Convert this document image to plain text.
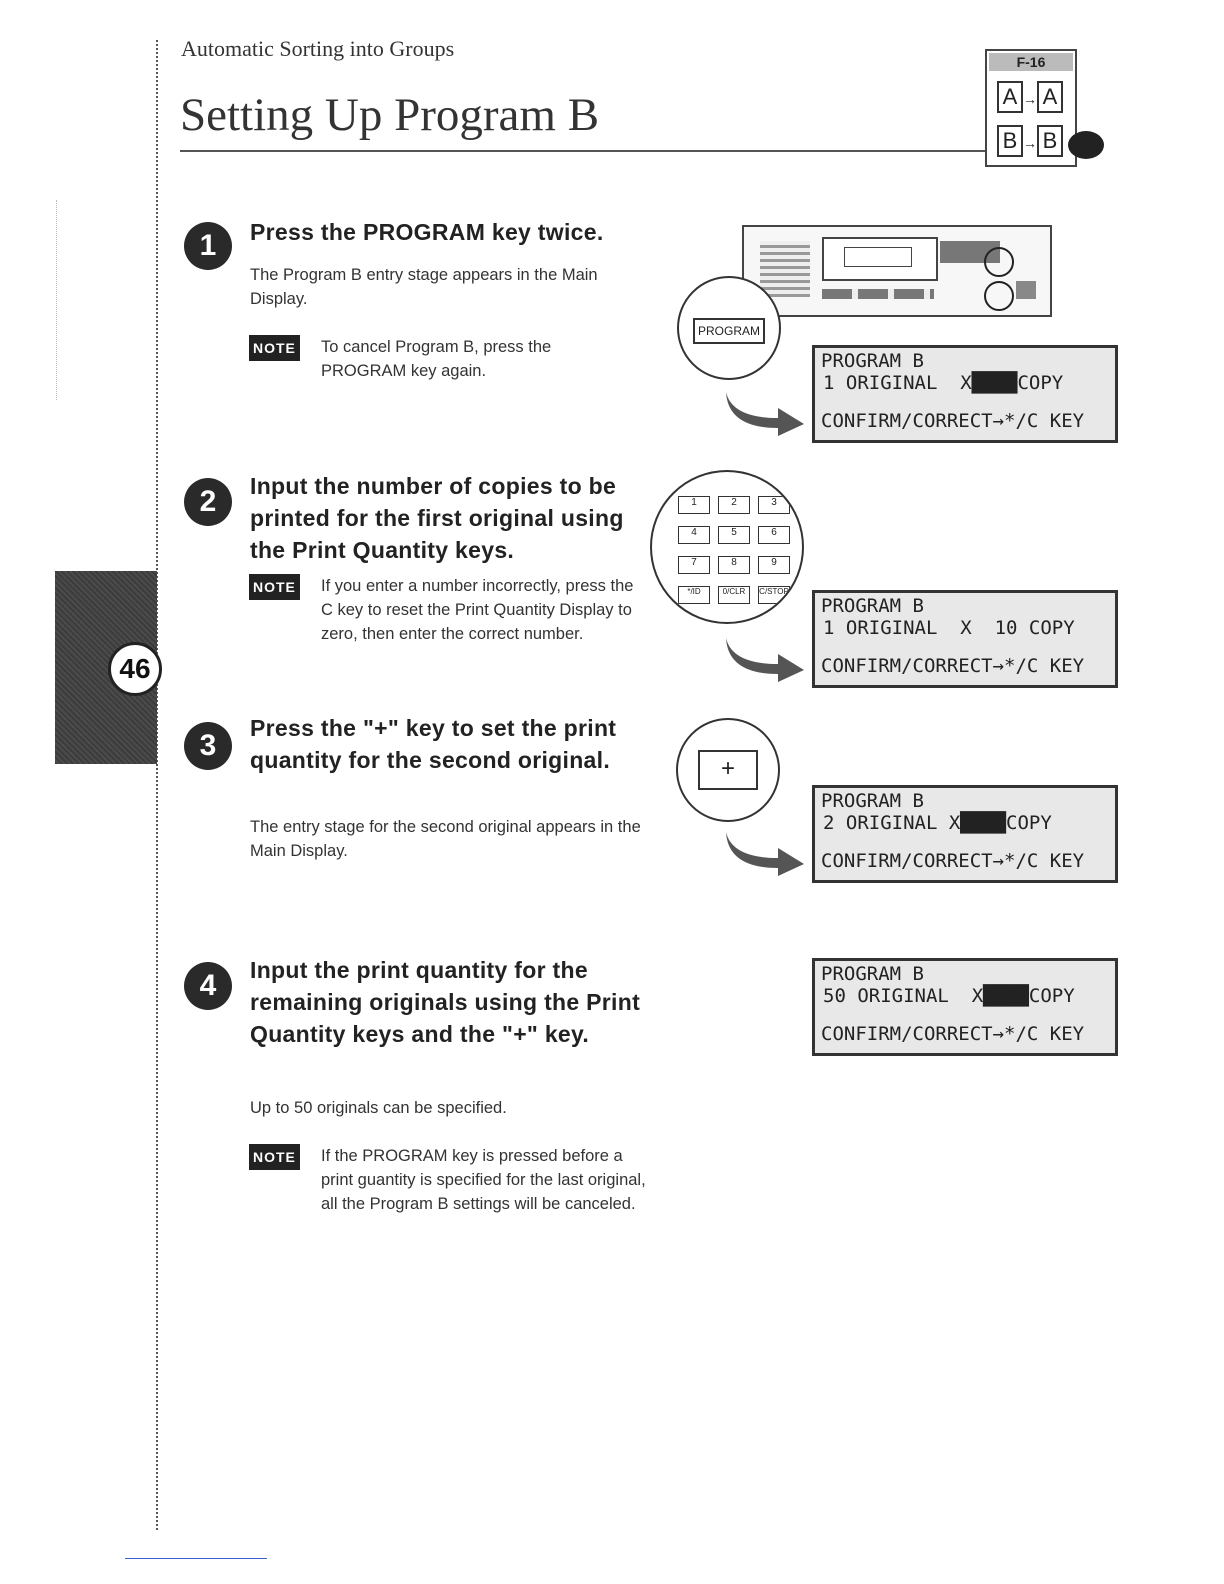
Automatic Sorting into Groups
Setting Up Program B
F-16
A → A
B → B
46
1	Press the PROGRAM key twice.
The Program B entry stage appears in the Main Display.
NOTE To cancel Program B, press the PROGRAM key again.
PROGRAM
PROGRAM B
1 ORIGINAL  X████COPY
CONFIRM/CORRECT→*/C KEY
2	Input the number of copies to be printed for the first original using the Print Quantity keys.
NOTE If you enter a number incorrectly, press the C key to reset the Print Quantity Display to zero, then enter the correct number.
1	2	3
4	5	6
7	8	9
*/ID	0/CLR	C/STOP
PROGRAM B
1 ORIGINAL  X  10 COPY
CONFIRM/CORRECT→*/C KEY
3
Press the "+" key to set the print quantity for the second original.
The entry stage for the second original appears in the Main Display.
+
PROGRAM B
2 ORIGINAL X████COPY
CONFIRM/CORRECT→*/C KEY
4	Input the print quantity for the remaining originals using the Print Quantity keys and the "+" key.
Up to 50 originals can be specified.
NOTE If the PROGRAM key is pressed before a print guantity is specified for the last original, all the Program B settings will be canceled.
PROGRAM B
50 ORIGINAL  X████COPY
CONFIRM/CORRECT→*/C KEY
